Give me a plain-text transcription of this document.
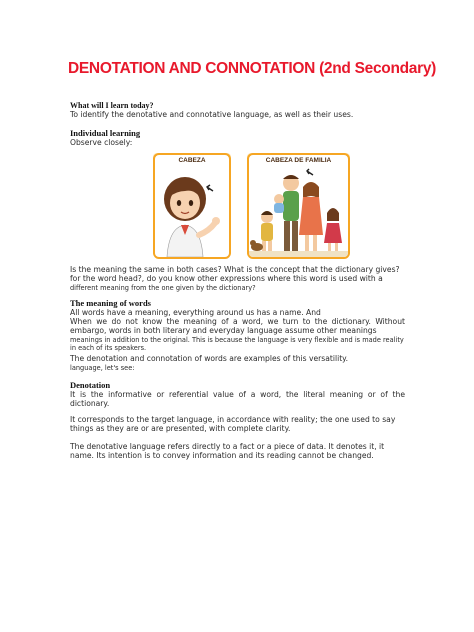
DENOTATION AND CONNOTATION (2nd Secondary)
What will I learn today?
To identify the denotative and connotative language, as well as their uses.
Individual learning
Observe closely:
CABEZA	CABEZA DE FAMILIA

Is the meaning the same in both cases? What is the concept that the dictionary gives? for the word head?, do you know other expressions where this word is used with a

different meaning from the one given by the dictionary?
The meaning of words
All words have a meaning, everything around us has a name. And
When we do not know the meaning of a word, we turn to the dictionary. Without embargo, words in both literary and everyday language assume other meanings
meanings in addition to the original. This is because the language is very flexible and is made reality in each of its speakers.
The denotation and connotation of words are examples of this versatility.
language, let's see:
Denotation
It is the informative or referential value of a word, the literal meaning or of the dictionary.
It corresponds to the target language, in accordance with reality; the one used to say things as they are or are presented, with complete clarity.
The denotative language refers directly to a fact or a piece of data. It denotes it, it name. Its intention is to convey information and its reading cannot be changed.
